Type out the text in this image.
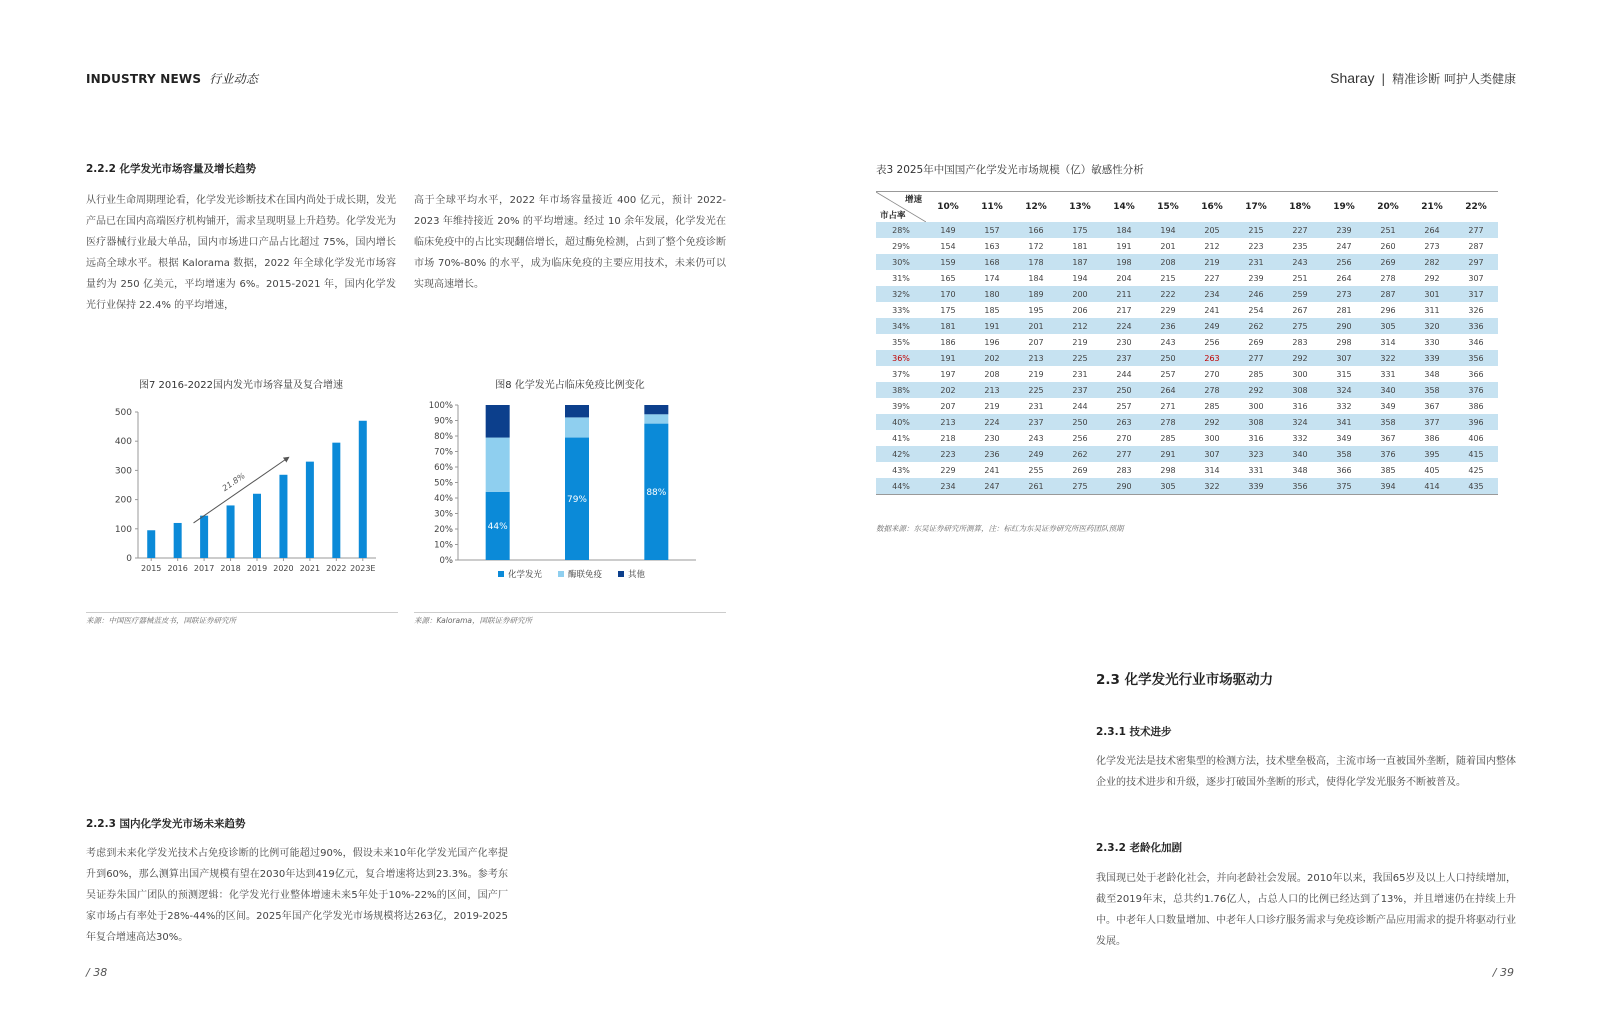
INDUSTRY NEWS 行业动态	Sharay | 精准诊断 呵护人类健康
2.2.2 化学发光市场容量及增长趋势

从行业生命周期理论看，化学发光诊断技术在国内尚处于成长期，发光产品已在国内高端医疗机构铺开，需求呈现明显上升趋势。化学发光为医疗器械行业最大单品，国内市场进口产品占比超过 75%，国内增长远高全球水平。根据 Kalorama 数据，2022 年全球化学发光市场容量约为 250 亿美元，平均增速为 6%。2015-2021 年，国内化学发光行业保持 22.4% 的平均增速，

高于全球平均水平，2022 年市场容量接近 400 亿元，预计 2022-2023 年维持接近 20% 的平均增速。经过 10 余年发展，化学发光在临床免疫中的占比实现翻倍增长，超过酶免检测，占到了整个免疫诊断市场 70%-80% 的水平，成为临床免疫的主要应用技术，未来仍可以实现高速增长。

图7 2016-2022国内发光市场容量及复合增速
0
100
200
300
400
500
2015 2016 2017 2018 2019 2020 2021 2022 2023E
21.8%
来源：中国医疗器械蓝皮书，国联证券研究所
图8 化学发光占临床免疫比例变化
0%
10%
20%
30%
40%
50%
60%
70%
80%
90%
100%
44%
79%
88%
化学发光	酶联免疫	其他
来源：Kalorama，国联证券研究所
2.2.3 国内化学发光市场未来趋势

考虑到未来化学发光技术占免疫诊断的比例可能超过90%，假设未来10年化学发光国产化率提升到60%，那么测算出国产规模有望在2030年达到419亿元，复合增速将达到23.3%。参考东吴证券朱国广团队的预测逻辑：化学发光行业整体增速未来5年处于10%-22%的区间，国产厂家市场占有率处于28%-44%的区间。2025年国产化学发光市场规模将达263亿，2019-2025年复合增速高达30%。

/ 38
表3 2025年中国国产化学发光市场规模（亿）敏感性分析
增速
市占率	10%	11%	12%	13%	14%	15%	16%	17%	18%	19%	20%	21%	22%
28%	149	157	166	175	184	194	205	215	227	239	251	264	277
29%	154	163	172	181	191	201	212	223	235	247	260	273	287
30%	159	168	178	187	198	208	219	231	243	256	269	282	297
31%	165	174	184	194	204	215	227	239	251	264	278	292	307
32%	170	180	189	200	211	222	234	246	259	273	287	301	317
33%	175	185	195	206	217	229	241	254	267	281	296	311	326
34%	181	191	201	212	224	236	249	262	275	290	305	320	336
35%	186	196	207	219	230	243	256	269	283	298	314	330	346
36%	191	202	213	225	237	250	263	277	292	307	322	339	356
37%	197	208	219	231	244	257	270	285	300	315	331	348	366
38%	202	213	225	237	250	264	278	292	308	324	340	358	376
39%	207	219	231	244	257	271	285	300	316	332	349	367	386
40%	213	224	237	250	263	278	292	308	324	341	358	377	396
41%	218	230	243	256	270	285	300	316	332	349	367	386	406
42%	223	236	249	262	277	291	307	323	340	358	376	395	415
43%	229	241	255	269	283	298	314	331	348	366	385	405	425
44%	234	247	261	275	290	305	322	339	356	375	394	414	435
数据来源：东吴证券研究所测算，注：标红为东吴证券研究所医药团队预期
2.3 化学发光行业市场驱动力
2.3.1 技术进步

化学发光法是技术密集型的检测方法，技术壁垒极高，主流市场一直被国外垄断，随着国内整体企业的技术进步和升级，逐步打破国外垄断的形式，使得化学发光服务不断被普及。

2.3.2 老龄化加剧

我国现已处于老龄化社会，并向老龄社会发展。2010年以来，我国65岁及以上人口持续增加，截至2019年末，总共约1.76亿人，占总人口的比例已经达到了13%，并且增速仍在持续上升中。中老年人口数量增加、中老年人口诊疗服务需求与免疫诊断产品应用需求的提升将驱动行业发展。

/ 39
